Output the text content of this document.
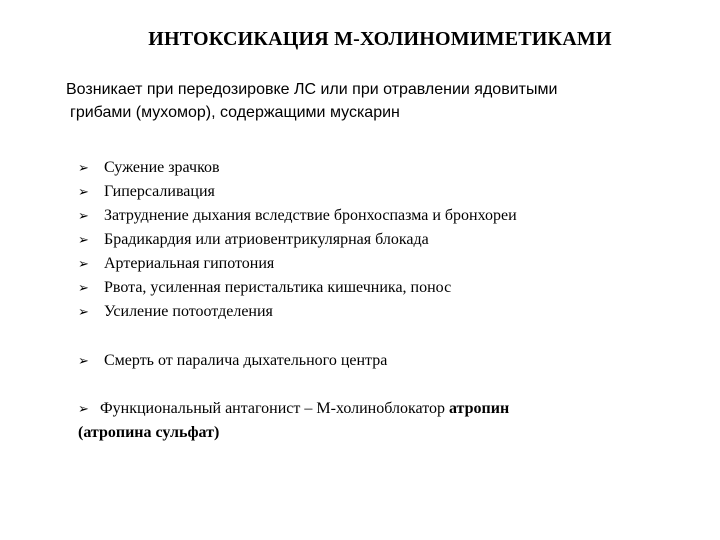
ИНТОКСИКАЦИЯ М-ХОЛИНОМИМЕТИКАМИ
Возникает при передозировке ЛС или при отравлении ядовитыми
грибами (мухомор), содержащими мускарин
➢ Сужение зрачков
➢ Гиперсаливация
➢ Затруднение дыхания вследствие бронхоспазма и бронхореи
➢ Брадикардия или атриовентрикулярная блокада
➢ Артериальная гипотония
➢ Рвота, усиленная перистальтика кишечника, понос
➢ Усиление потоотделения
➢ Смерть от паралича дыхательного центра
➢ Функциональный антагонист – М-холиноблокатор атропин
(атропина сульфат)
